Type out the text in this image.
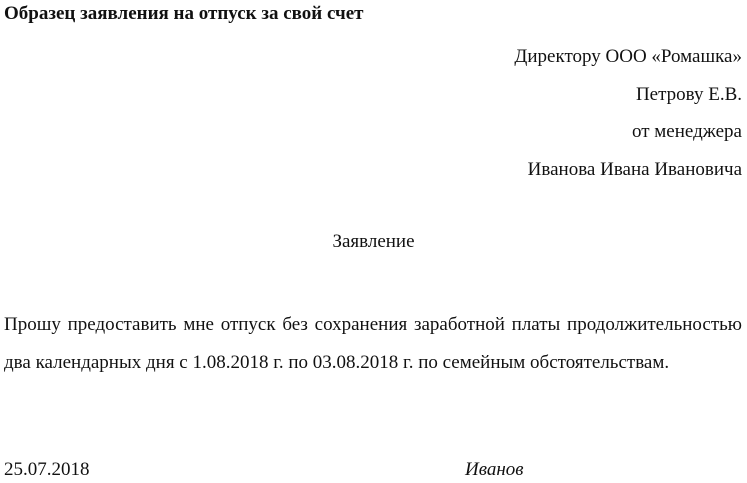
Образец заявления на отпуск за свой счет
Директору ООО «Ромашка»
Петрову Е.В.
от менеджера
Иванова Ивана Ивановича
Заявление

Прошу предоставить мне отпуск без сохранения заработной платы продолжительностью два календарных дня с 1.08.2018 г. по 03.08.2018 г. по семейным обстоятельствам.

25.07.2018	Иванов
